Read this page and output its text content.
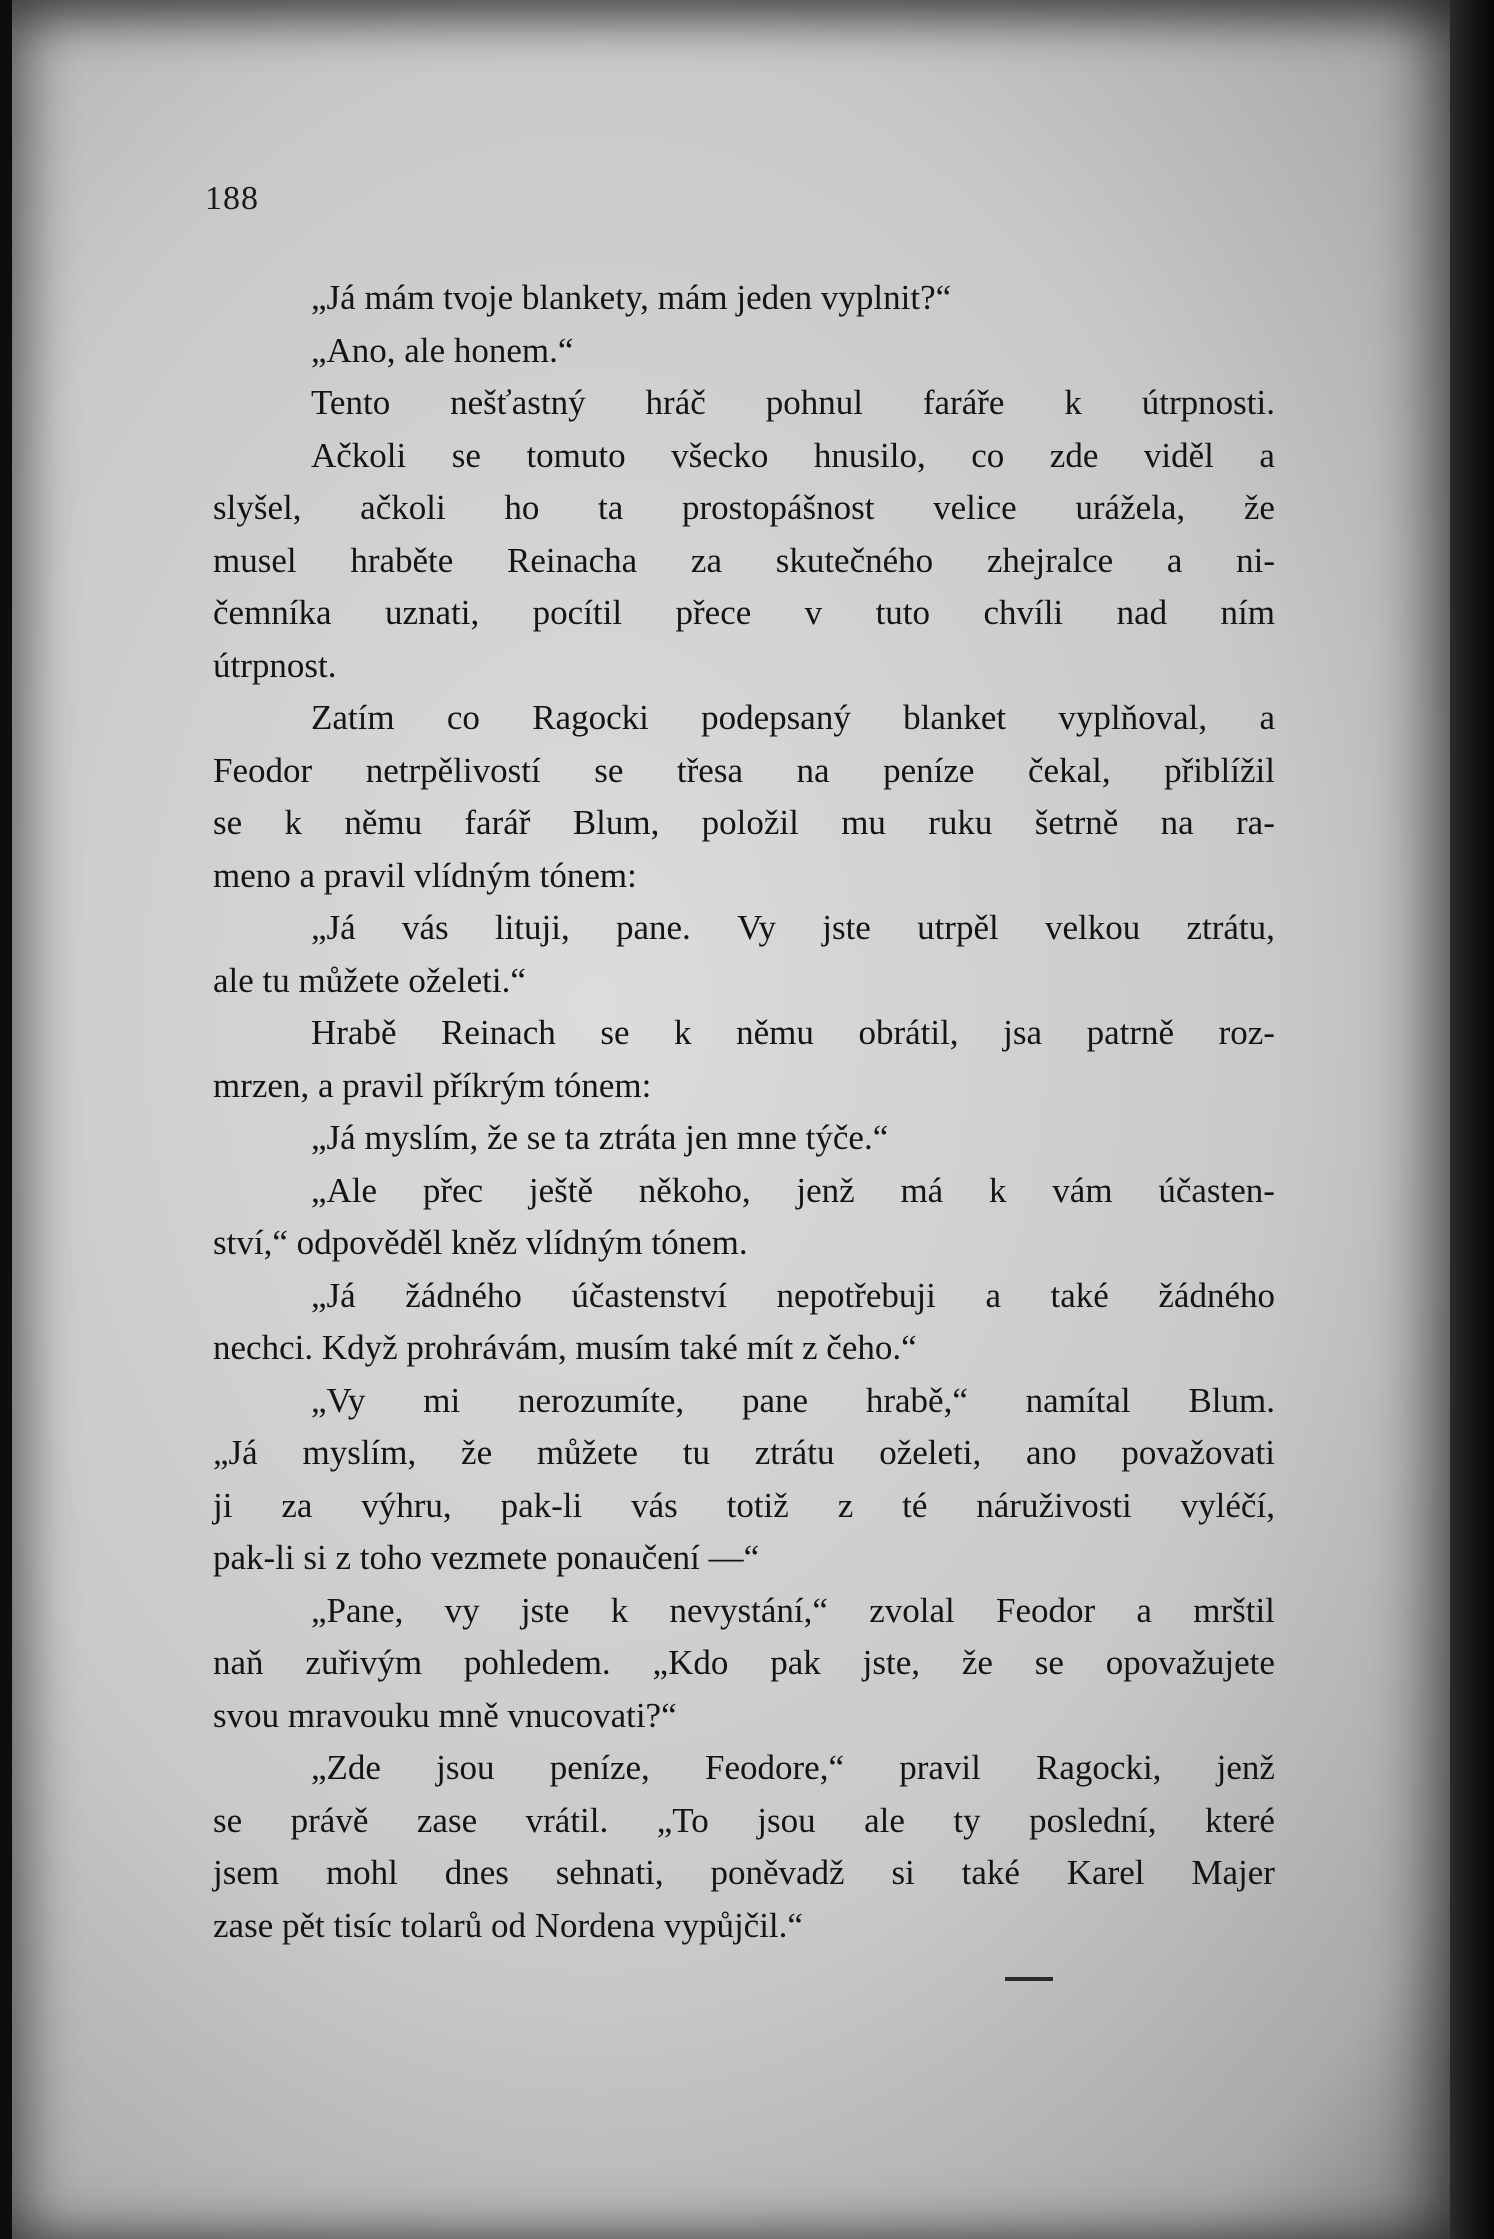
188
„Já mám tvoje blankety, mám jeden vyplnit?“
„Ano, ale honem.“
Tento nešťastný hráč pohnul faráře k útrpnosti.
Ačkoli se tomuto všecko hnusilo, co zde viděl a
slyšel, ačkoli ho ta prostopášnost velice urážela, že
musel hraběte Reinacha za skutečného zhejralce a ni-
čemníka uznati, pocítil přece v tuto chvíli nad ním
útrpnost.
Zatím co Ragocki podepsaný blanket vyplňoval, a
Feodor netrpělivostí se třesa na peníze čekal, přiblížil
se k němu farář Blum, položil mu ruku šetrně na ra-
meno a pravil vlídným tónem:
„Já vás lituji, pane. Vy jste utrpěl velkou ztrátu,
ale tu můžete oželeti.“
Hrabě Reinach se k němu obrátil, jsa patrně roz-
mrzen, a pravil příkrým tónem:
„Já myslím, že se ta ztráta jen mne týče.“
„Ale přec ještě někoho, jenž má k vám účasten-
ství,“ odpověděl kněz vlídným tónem.
„Já žádného účastenství nepotřebuji a také žádného
nechci. Když prohrávám, musím také mít z čeho.“
„Vy mi nerozumíte, pane hrabě,“ namítal Blum.
„Já myslím, že můžete tu ztrátu oželeti, ano považovati
ji za výhru, pak-li vás totiž z té náruživosti vyléčí,
pak-li si z toho vezmete ponaučení —“
„Pane, vy jste k nevystání,“ zvolal Feodor a mrštil
naň zuřivým pohledem. „Kdo pak jste, že se opovažujete
svou mravouku mně vnucovati?“
„Zde jsou peníze, Feodore,“ pravil Ragocki, jenž
se právě zase vrátil. „To jsou ale ty poslední, které
jsem mohl dnes sehnati, poněvadž si také Karel Majer
zase pět tisíc tolarů od Nordena vypůjčil.“
